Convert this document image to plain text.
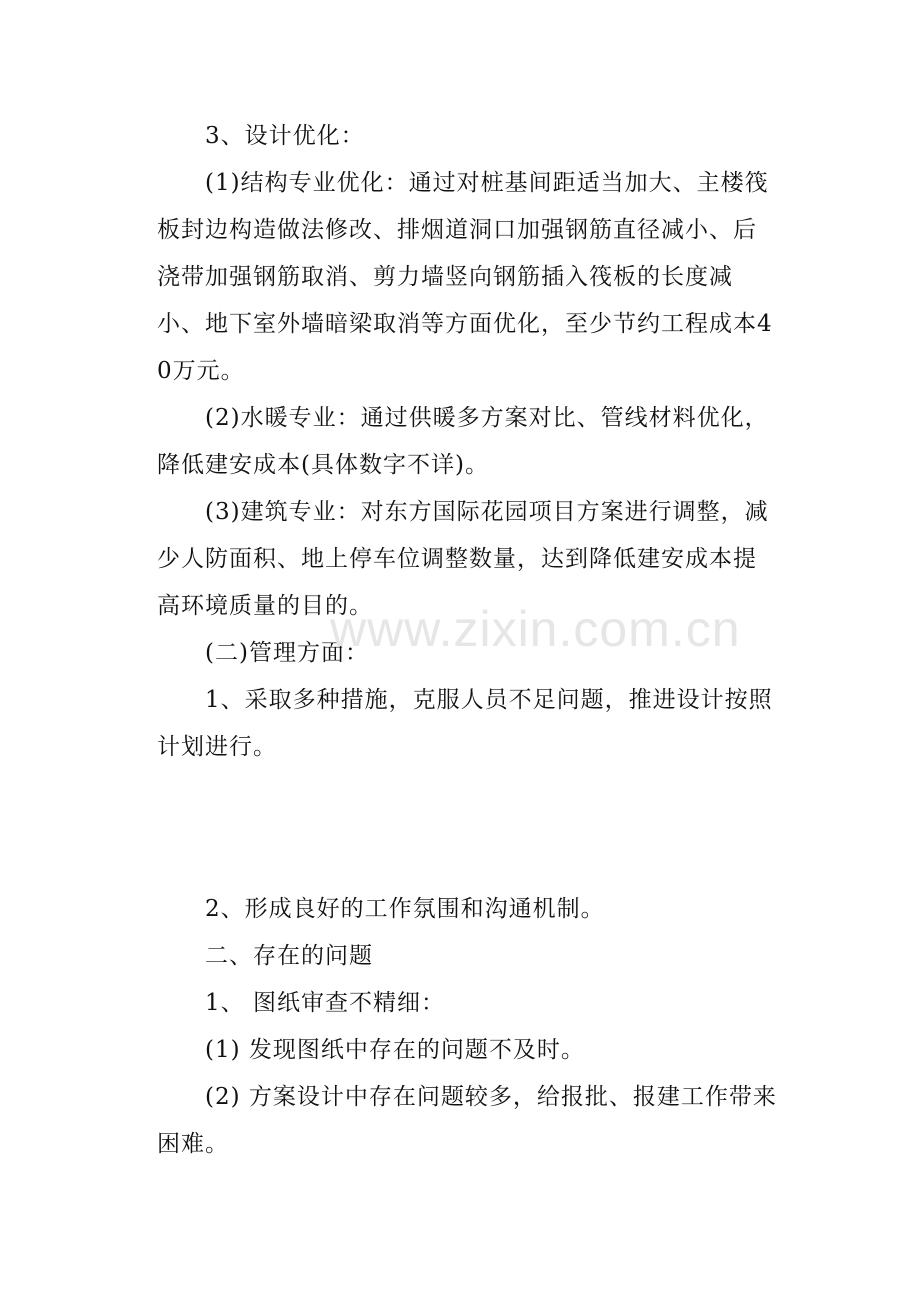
3、设计优化：

(1)结构专业优化：通过对桩基间距适当加大、主楼筏板封边构造做法修改、排烟道洞口加强钢筋直径减小、后浇带加强钢筋取消、剪力墙竖向钢筋插入筏板的长度减小、地下室外墙暗梁取消等方面优化，至少节约工程成本40万元。

(2)水暖专业：通过供暖多方案对比、管线材料优化，降低建安成本(具体数字不详)。

(3)建筑专业：对东方国际花园项目方案进行调整，减少人防面积、地上停车位调整数量，达到降低建安成本提高环境质量的目的。

(二)管理方面：

1、采取多种措施，克服人员不足问题，推进设计按照计划进行。

2、形成良好的工作氛围和沟通机制。

二、存在的问题

1、 图纸审查不精细：

(1) 发现图纸中存在的问题不及时。

(2) 方案设计中存在问题较多，给报批、报建工作带来困难。

www.zixin.com.cn
